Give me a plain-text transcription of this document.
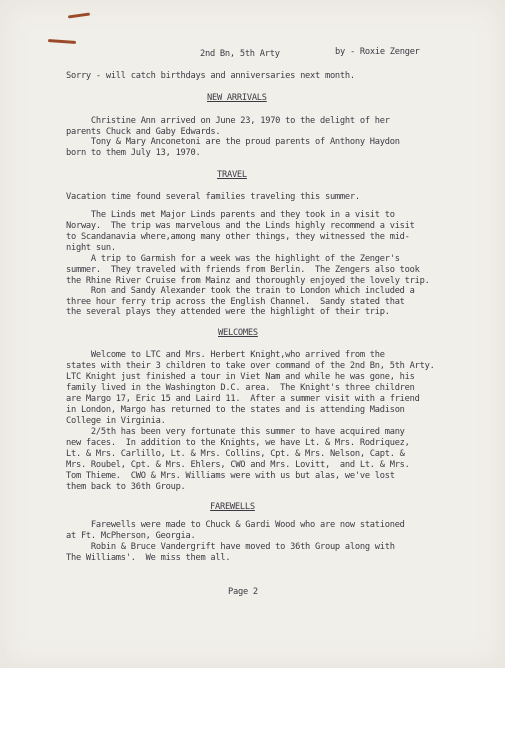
2nd Bn, 5th Arty	by - Roxie Zenger
Sorry - will catch birthdays and anniversaries next month.
NEW ARRIVALS
Christine Ann arrived on June 23, 1970 to the delight of her
parents Chuck and Gaby Edwards.
Tony & Mary Anconetoni are the proud parents of Anthony Haydon
born to them July 13, 1970.
TRAVEL
Vacation time found several families traveling this summer.
The Linds met Major Linds parents and they took in a visit to
Norway.  The trip was marvelous and the Linds highly recommend a visit
to Scandanavia where,among many other things, they witnessed the mid-
night sun.
A trip to Garmish for a week was the highlight of the Zenger's
summer.  They traveled with friends from Berlin.  The Zengers also took
the Rhine River Cruise from Mainz and thoroughly enjoyed the lovely trip.
Ron and Sandy Alexander took the train to London which included a
three hour ferry trip across the English Channel.  Sandy stated that
the several plays they attended were the highlight of their trip.
WELCOMES
Welcome to LTC and Mrs. Herbert Knight,who arrived from the
states with their 3 children to take over command of the 2nd Bn, 5th Arty.
LTC Knight just finished a tour in Viet Nam and while he was gone, his
family lived in the Washington D.C. area.  The Knight's three children
are Margo 17, Eric 15 and Laird 11.  After a summer visit with a friend
in London, Margo has returned to the states and is attending Madison
College in Virginia.
2/5th has been very fortunate this summer to have acquired many
new faces.  In addition to the Knights, we have Lt. & Mrs. Rodriquez,
Lt. & Mrs. Carlillo, Lt. & Mrs. Collins, Cpt. & Mrs. Nelson, Capt. &
Mrs. Roubel, Cpt. & Mrs. Ehlers, CWO and Mrs. Lovitt,  and Lt. & Mrs.
Tom Thieme.  CWO & Mrs. Williams were with us but alas, we've lost
them back to 36th Group.
FAREWELLS
Farewells were made to Chuck & Gardi Wood who are now stationed
at Ft. McPherson, Georgia.
Robin & Bruce Vandergrift have moved to 36th Group along with
The Williams'.  We miss them all.
Page 2
